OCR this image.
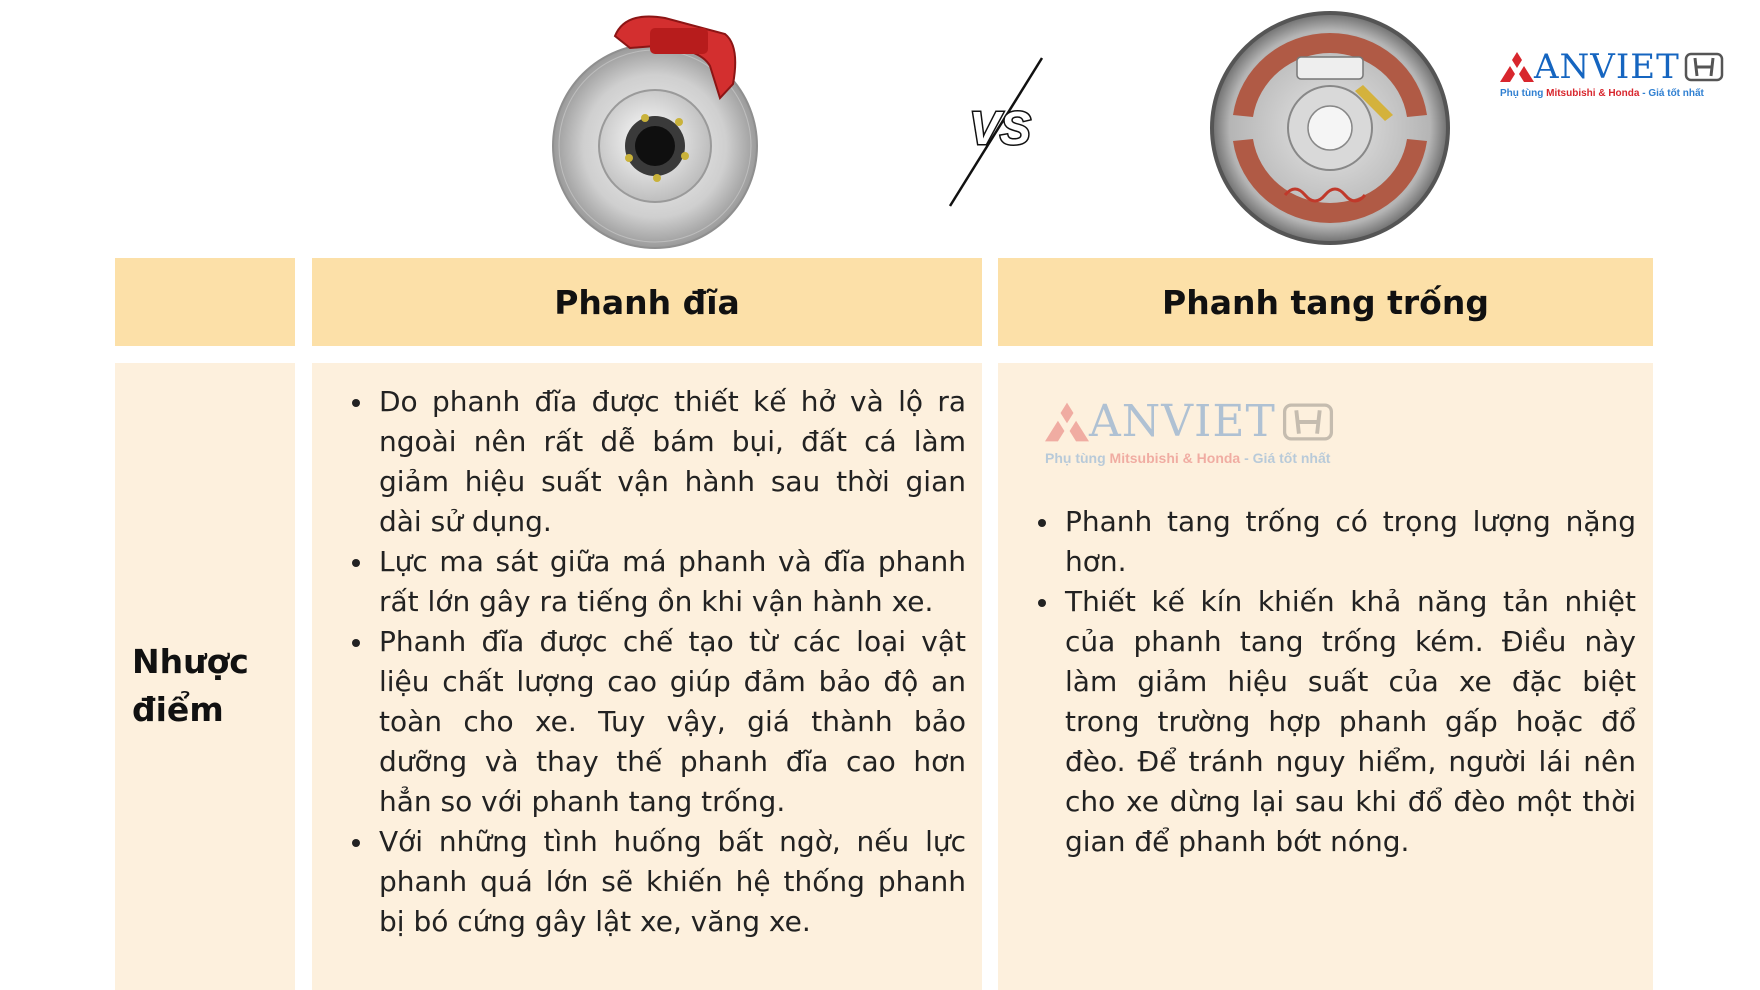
VS
ANVIET
Phụ tùng Mitsubishi & Honda - Giá tốt nhất
Phanh đĩa	Phanh tang trống
Nhược điểm
Do phanh đĩa được thiết kế hở và lộ ra ngoài nên rất dễ bám bụi, đất cá làm giảm hiệu suất vận hành sau thời gian dài sử dụng.
Lực ma sát giữa má phanh và đĩa phanh rất lớn gây ra tiếng ồn khi vận hành xe.
Phanh đĩa được chế tạo từ các loại vật liệu chất lượng cao giúp đảm bảo độ an toàn cho xe. Tuy vậy, giá thành bảo dưỡng và thay thế phanh đĩa cao hơn hẳn so với phanh tang trống.
Với những tình huống bất ngờ, nếu lực phanh quá lớn sẽ khiến hệ thống phanh bị bó cứng gây lật xe, văng xe.
Phanh tang trống có trọng lượng nặng hơn.
Thiết kế kín khiến khả năng tản nhiệt của phanh tang trống kém. Điều này làm giảm hiệu suất của xe đặc biệt trong trường hợp phanh gấp hoặc đổ đèo. Để tránh nguy hiểm, người lái nên cho xe dừng lại sau khi đổ đèo một thời gian để phanh bớt nóng.
ANVIET
Phụ tùng Mitsubishi & Honda - Giá tốt nhất
